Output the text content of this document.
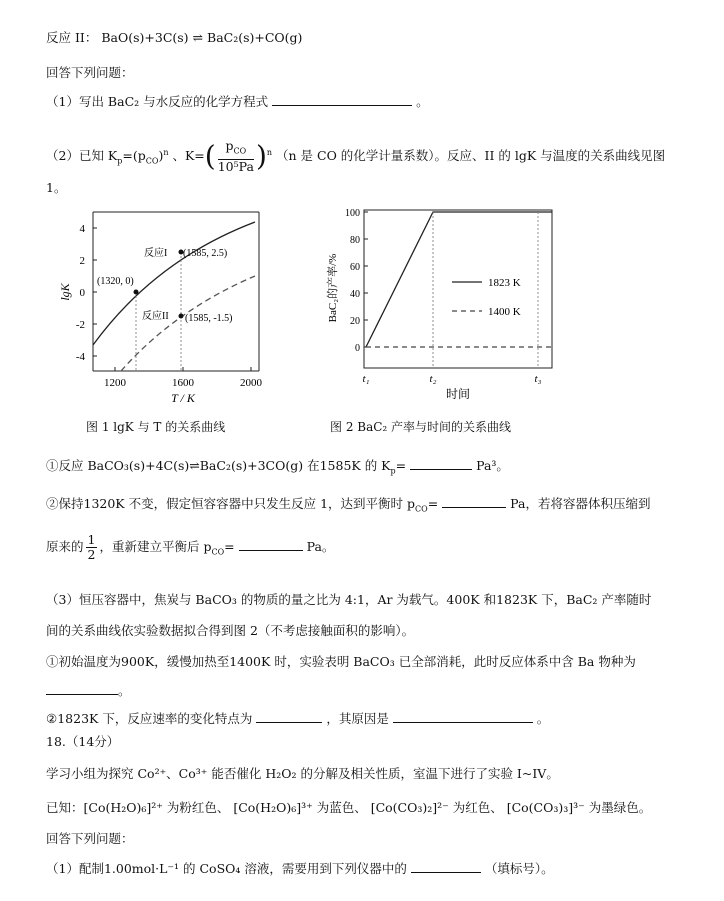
反应 II： BaO(s)+3C(s) ⇌ BaC₂(s)+CO(g)
回答下列问题：
（1）写出 BaC₂ 与水反应的化学方程式	。
（2）已知 $K_p=(p_{CO})^n$ 、$K=( \frac{p_{CO}}{\text{10⁵Pa}} )^n$ （n 是 CO 的化学计量系数）。反应、II 的 lgK 与温度的关系曲线见图
1。
4
2
0
-2
-4
1200	1600	2000
T / K
lgK
反应I (1585, 2.5)
(1320, 0)
反应II (1585, -1.5)
100
80
60
40
20
0
BaC₂的产率/%	1823 K
1400 K
t₁	t₂	t₃
时间
图 1 lgK 与 T 的关系曲线	图 2 BaC₂ 产率与时间的关系曲线
①反应 BaCO₃(s)+4C(s)⇌BaC₂(s)+3CO(g) 在1585K 的 $K_p=$	Pa³。
②保持1320K 不变，假定恒容容器中只发生反应 1，达到平衡时 $p_{CO}=$	Pa，若将容器体积压缩到
原来的 $\frac{1}{2}$ ，重新建立平衡后 $p_{CO}=$	Pa。
（3）恒压容器中，焦炭与 BaCO₃ 的物质的量之比为 4:1，Ar 为载气。400K 和1823K 下，BaC₂ 产率随时
间的关系曲线依实验数据拟合得到图 2（不考虑接触面积的影响）。
①初始温度为900K，缓慢加热至1400K 时，实验表明 BaCO₃ 已全部消耗，此时反应体系中含 Ba 物种为
。
②1823K 下，反应速率的变化特点为	，其原因是	。
18.（14分）
学习小组为探究 Co²⁺、Co³⁺ 能否催化 H₂O₂ 的分解及相关性质，室温下进行了实验 I~IV。
已知：[Co(H₂O)₆]²⁺ 为粉红色、 [Co(H₂O)₆]³⁺ 为蓝色、 [Co(CO₃)₂]²⁻ 为红色、 [Co(CO₃)₃]³⁻ 为墨绿色。
回答下列问题：
（1）配制1.00mol·L⁻¹ 的 CoSO₄ 溶液，需要用到下列仪器中的	（填标号）。
